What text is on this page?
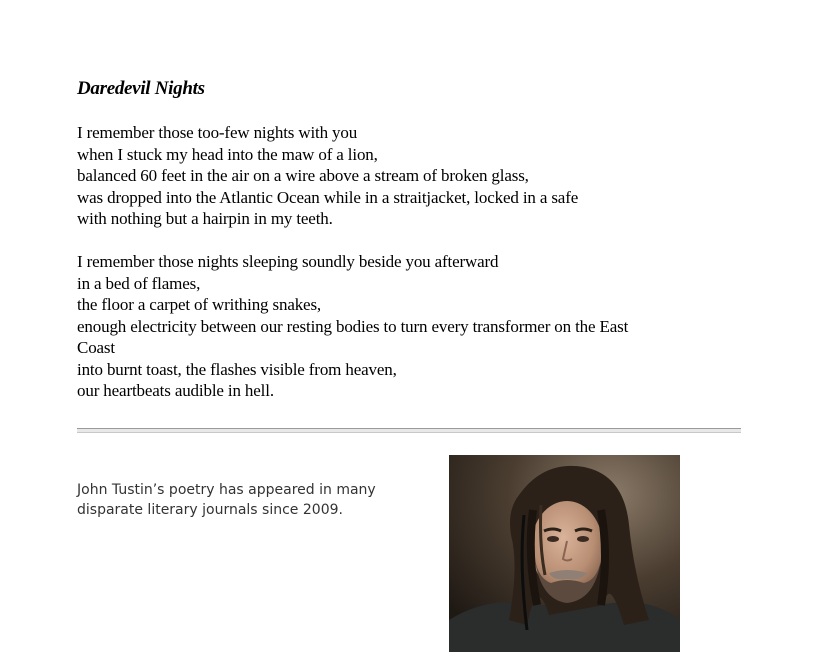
Daredevil Nights

I remember those too-few nights with you
when I stuck my head into the maw of a lion,
balanced 60 feet in the air on a wire above a stream of broken glass,
was dropped into the Atlantic Ocean while in a straitjacket, locked in a safe
with nothing but a hairpin in my teeth.

I remember those nights sleeping soundly beside you afterward
in a bed of flames,
the floor a carpet of writhing snakes,
enough electricity between our resting bodies to turn every transformer on the East
Coast
into burnt toast, the flashes visible from heaven,
our heartbeats audible in hell.

John Tustin’s poetry has appeared in many
disparate literary journals since 2009.
